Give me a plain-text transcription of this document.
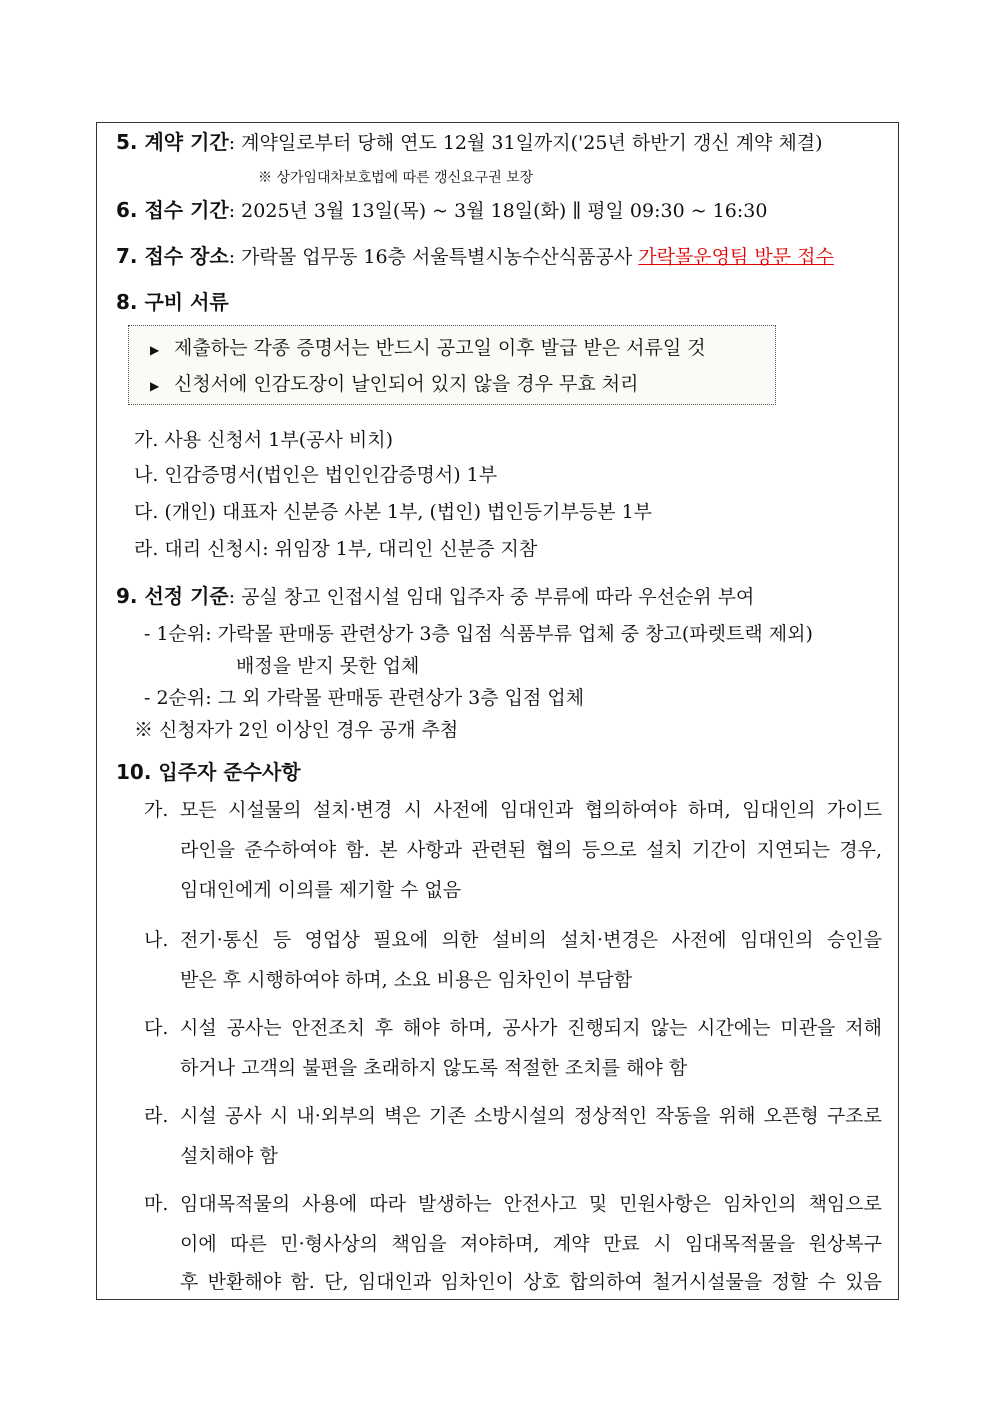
5. 계약 기간: 계약일로부터 당해 연도 12월 31일까지('25년 하반기 갱신 계약 체결)
※ 상가임대차보호법에 따른 갱신요구권 보장
6. 접수 기간: 2025년 3월 13일(목) ~ 3월 18일(화) ∥ 평일 09:30 ~ 16:30
7. 접수 장소: 가락몰 업무동 16층 서울특별시농수산식품공사 가락몰운영팀 방문 접수
8. 구비 서류
▶ 제출하는 각종 증명서는 반드시 공고일 이후 발급 받은 서류일 것
▶ 신청서에 인감도장이 날인되어 있지 않을 경우 무효 처리
가. 사용 신청서 1부(공사 비치)
나. 인감증명서(법인은 법인인감증명서) 1부
다. (개인) 대표자 신분증 사본 1부, (법인) 법인등기부등본 1부
라. 대리 신청시: 위임장 1부, 대리인 신분증 지참
9. 선정 기준: 공실 창고 인접시설 임대 입주자 중 부류에 따라 우선순위 부여
- 1순위: 가락몰 판매동 관련상가 3층 입점 식품부류 업체 중 창고(파렛트랙 제외)
배정을 받지 못한 업체
- 2순위: 그 외 가락몰 판매동 관련상가 3층 입점 업체
※ 신청자가 2인 이상인 경우 공개 추첨
10. 입주자 준수사항
가. 모든 시설물의 설치·변경 시 사전에 임대인과 협의하여야 하며, 임대인의 가이드
라인을 준수하여야 함. 본 사항과 관련된 협의 등으로 설치 기간이 지연되는 경우,
임대인에게 이의를 제기할 수 없음
나. 전기·통신 등 영업상 필요에 의한 설비의 설치·변경은 사전에 임대인의 승인을
받은 후 시행하여야 하며, 소요 비용은 임차인이 부담함
다. 시설 공사는 안전조치 후 해야 하며, 공사가 진행되지 않는 시간에는 미관을 저해
하거나 고객의 불편을 초래하지 않도록 적절한 조치를 해야 함
라. 시설 공사 시 내·외부의 벽은 기존 소방시설의 정상적인 작동을 위해 오픈형 구조로
설치해야 함
마. 임대목적물의 사용에 따라 발생하는 안전사고 및 민원사항은 임차인의 책임으로
이에 따른 민·형사상의 책임을 져야하며, 계약 만료 시 임대목적물을 원상복구
후 반환해야 함. 단, 임대인과 임차인이 상호 합의하여 철거시설물을 정할 수 있음
